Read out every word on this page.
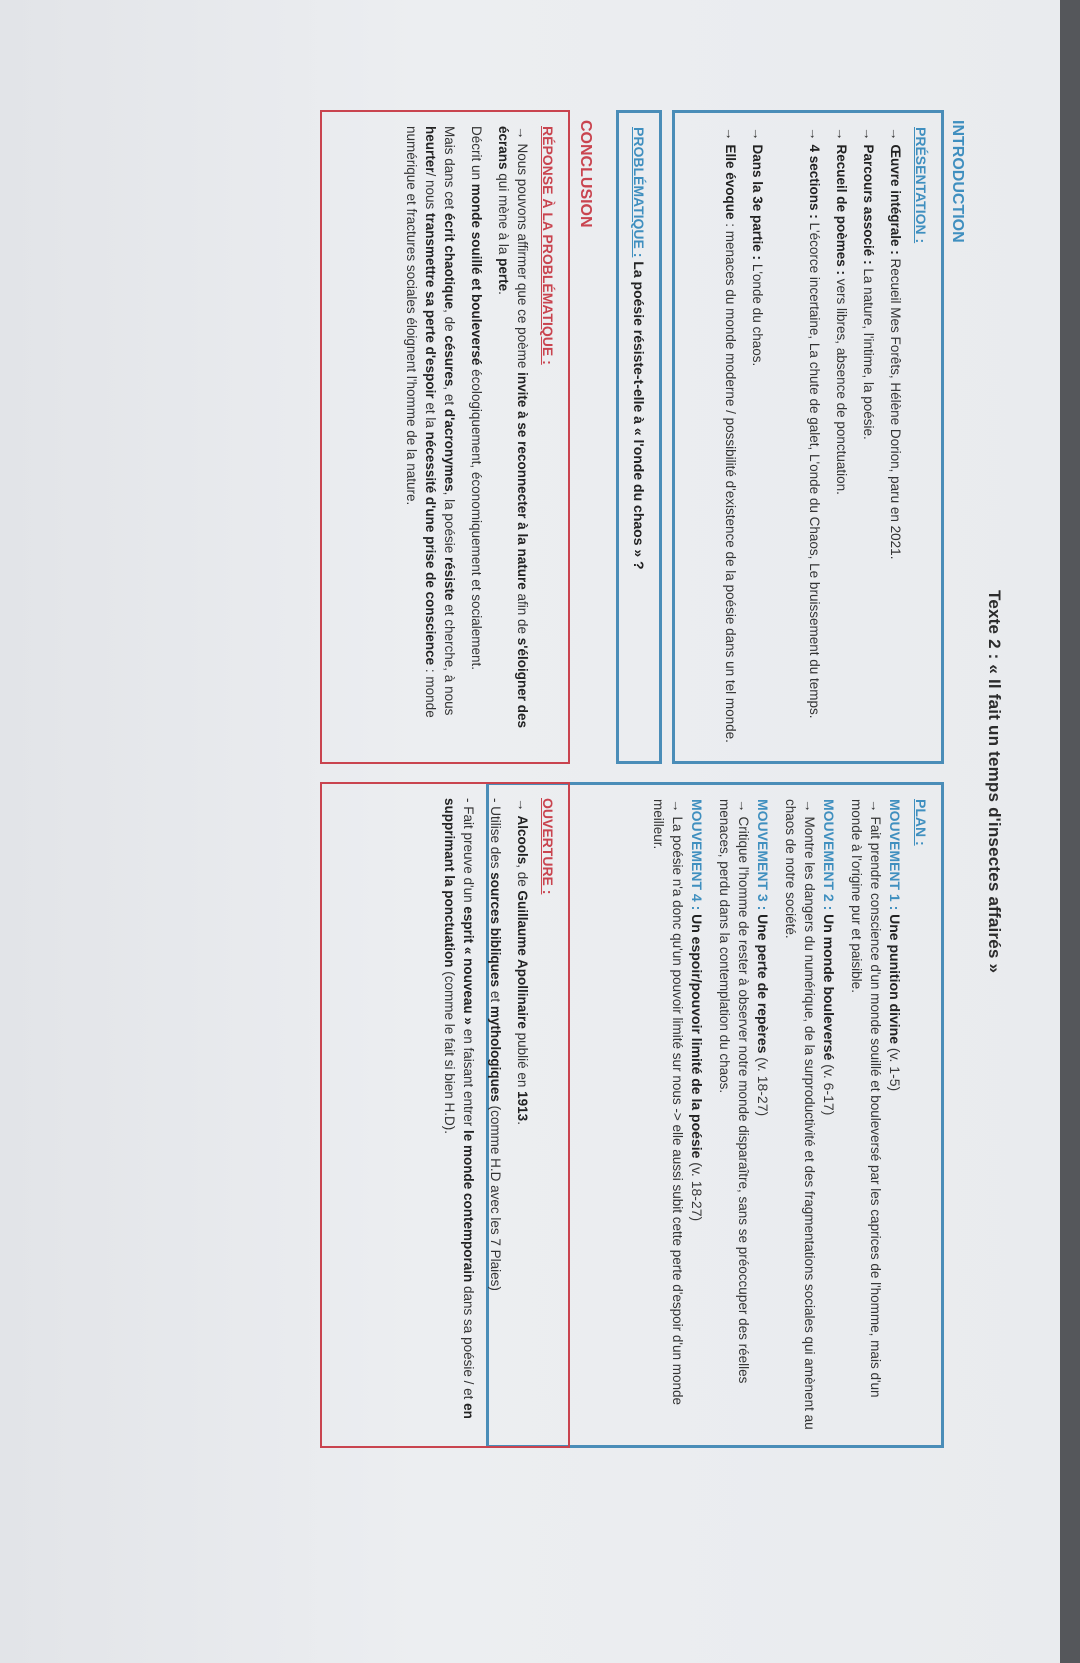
Texte 2 : « Il fait un temps d'insectes affairés »
INTRODUCTION

PRÉSENTATION :

→Œuvre intégrale : Recueil Mes Forêts, Hélène Dorion, paru en 2021.

→Parcours associé : La nature, l'intime, la poésie.

→Recueil de poèmes : vers libres, absence de ponctuation.

→4 sections : L'écorce incertaine, La chute de galet, L'onde du Chaos, Le bruissement du temps.

→Dans la 3e partie : L'onde du chaos.

→Elle évoque : menaces du monde moderne / possibilité d'existence de la poésie dans un tel monde.

PLAN :

MOUVEMENT 1 : Une punition divine (v. 1-5)

→Fait prendre conscience d'un monde souillé et bouleversé par les caprices de l'homme, mais d'un monde à l'origine pur et paisible.

MOUVEMENT 2 : Un monde bouleversé (v. 6-17)

→Montre les dangers du numérique, de la surproductivité et des fragmentations sociales qui amènent au chaos de notre société.

MOUVEMENT 3 : Une perte de repères (v. 18-27)

→Critique l'homme de rester à observer notre monde disparaître, sans se préoccuper des réelles menaces, perdu dans la contemplation du chaos.

MOUVEMENT 4 : Un espoir/pouvoir limité de la poésie (v. 18-27)

→La poésie n'a donc qu'un pouvoir limité sur nous -> elle aussi subit cette perte d'espoir d'un monde meilleur.

PROBLÉMATIQUE : La poésie résiste-t-elle à « l'onde du chaos » ?
CONCLUSION

RÉPONSE À LA PROBLÉMATIQUE :

→Nous pouvons affirmer que ce poème invite à se reconnecter à la nature afin de s'éloigner des écrans qui mène à la perte.

Décrit un monde souillé et bouleversé écologiquement, économiquement et socialement.

Mais dans cet écrit chaotique, de césures, et d'acronymes, la poésie résiste et cherche, à nous heurter/ nous transmettre sa perte d'espoir et la nécessité d'une prise de conscience : monde numérique et fractures sociales éloignent l'homme de la nature.

OUVERTURE :

→Alcools, de Guillaume Apollinaire publié en 1913.

- Utilise des sources bibliques et mythologiques (comme H.D avec les 7 Plaies)

- Fait preuve d'un esprit « nouveau » en faisant entrer le monde contemporain dans sa poésie / et en supprimant la ponctuation (comme le fait si bien H.D).
